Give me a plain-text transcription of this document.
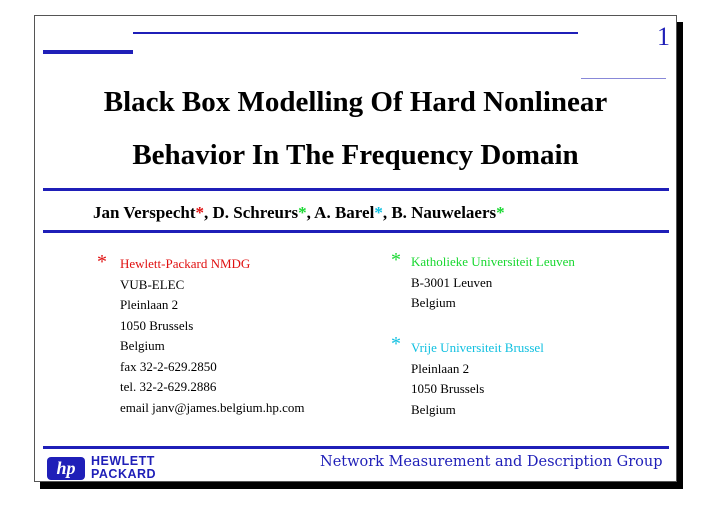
1
Black Box Modelling Of Hard Nonlinear
Behavior In The Frequency Domain
Jan Verspecht*, D. Schreurs*, A. Barel*, B. Nauwelaers*
* Hewlett-Packard NMDG
VUB-ELEC
Pleinlaan 2
1050 Brussels
Belgium
fax 32-2-629.2850
tel. 32-2-629.2886
email janv@james.belgium.hp.com
* Katholieke Universiteit Leuven
B-3001 Leuven
Belgium
* Vrije Universiteit Brussel
Pleinlaan 2
1050 Brussels
Belgium
hp	HEWLETT
PACKARD
Network Measurement and Description Group
